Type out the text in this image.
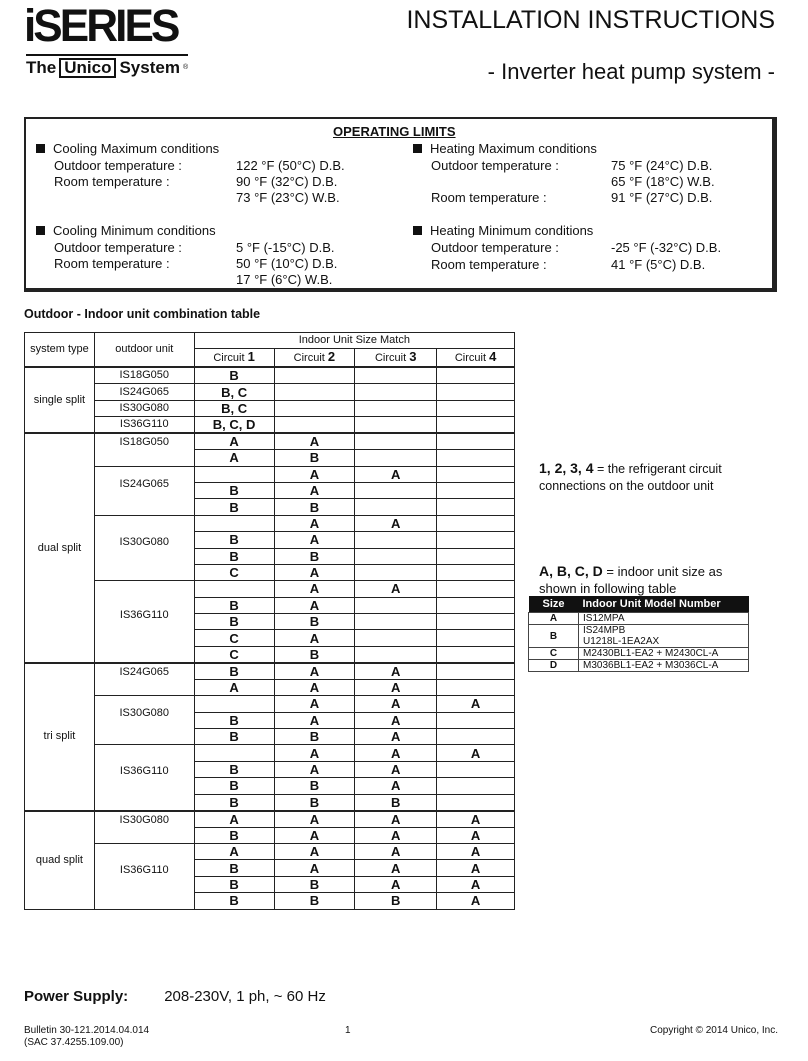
iSERIES
The Unico System ®
INSTALLATION INSTRUCTIONS
- Inverter heat pump system -
OPERATING LIMITS
Cooling Maximum conditions
Outdoor temperature :	122 °F (50°C) D.B.
Room temperature :	90 °F (32°C) D.B.
73 °F (23°C) W.B.
Heating Maximum conditions
Outdoor temperature :	75 °F (24°C) D.B.
65 °F (18°C) W.B.
Room temperature :	91 °F (27°C) D.B.
Cooling Minimum conditions
Outdoor temperature :	5 °F (-15°C) D.B.
Room temperature :	50 °F (10°C) D.B.
17 °F (6°C) W.B.
Heating Minimum conditions
Outdoor temperature :	-25 °F (-32°C) D.B.
Room temperature :	41 °F (5°C) D.B.
Outdoor - Indoor unit combination table
system type	outdoor unit	Indoor Unit Size Match			
		Circuit 1	Circuit 2	Circuit 3	Circuit 4
single split	IS18G050	B			
	IS24G065	B, C			
	IS30G080	B, C			
	IS36G110	B, C, D			
dual split	IS18G050	A	A		
		A	B		
	IS24G065		A	A	
		B	A		
		B	B		
	IS30G080		A	A	
		B	A		
		B	B		
		C	A		
	IS36G110		A	A	
		B	A		
		B	B		
		C	A		
		C	B		
tri split	IS24G065	B	A	A	
		A	A	A	
	IS30G080		A	A	A
		B	A	A	
		B	B	A	
	IS36G110		A	A	A
		B	A	A	
		B	B	A	
		B	B	B	
quad split	IS30G080	A	A	A	A
		B	A	A	A
	IS36G110	A	A	A	A
		B	A	A	A
		B	B	A	A
		B	B	B	A
1, 2, 3, 4 = the refrigerant circuit
connections on the outdoor unit
A, B, C, D = indoor unit size as
shown in following table
Size	Indoor Unit Model Number
A	IS12MPA

B	IS24MPB
U1218L-1EA2AX

C	M2430BL1-EA2 + M2430CL-A

D	M3036BL1-EA2 + M3036CL-A
Power Supply: 208-230V, 1 ph, ~ 60 Hz
Bulletin 30-121.2014.04.014
(SAC 37.4255.109.00)
1	Copyright © 2014 Unico, Inc.
